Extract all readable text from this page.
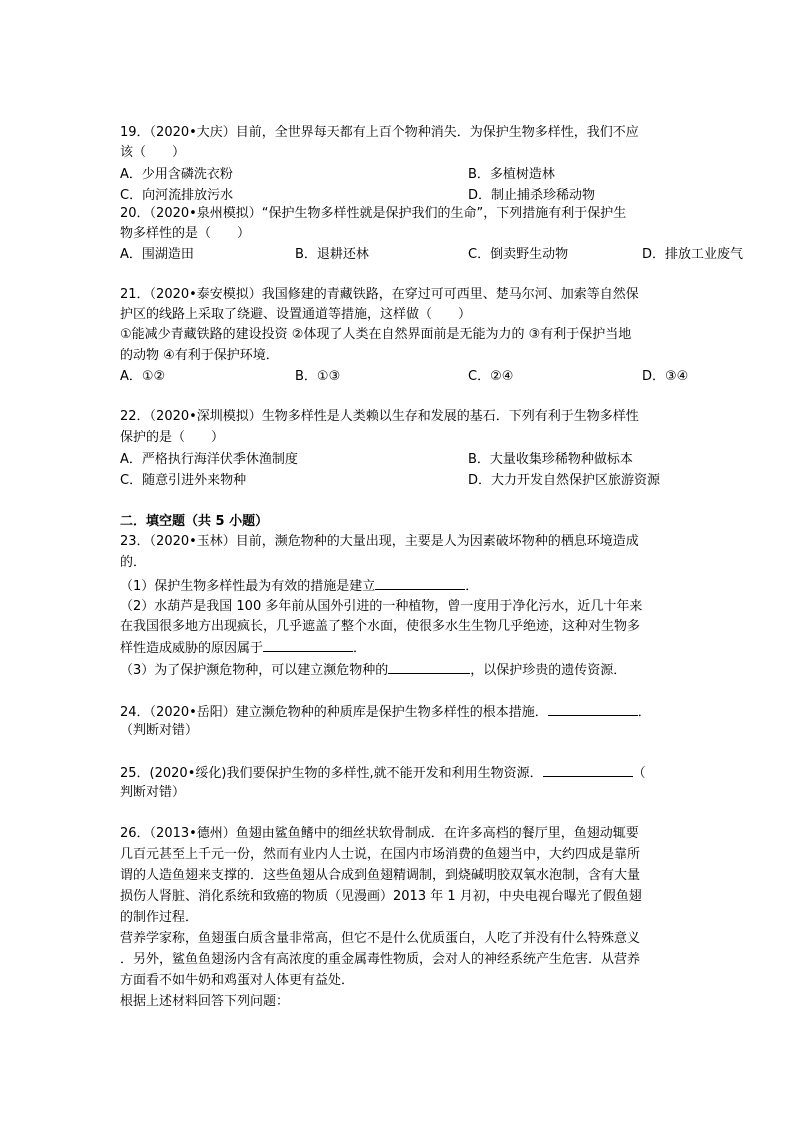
19．（2020•大庆）目前，全世界每天都有上百个物种消失．为保护生物多样性，我们不应
该（　　）
A．少用含磷洗衣粉	B．多植树造林
C．向河流排放污水	D．制止捕杀珍稀动物
20．（2020•泉州模拟）“保护生物多样性就是保护我们的生命”，下列措施有利于保护生
物多样性的是（　　）
A．围湖造田	B．退耕还林	C．倒卖野生动物	D．排放工业废气
21．（2020•泰安模拟）我国修建的青藏铁路，在穿过可可西里、楚马尔河、加索等自然保
护区的线路上采取了绕避、设置通道等措施，这样做（　　）
①能减少青藏铁路的建设投资 ②体现了人类在自然界面前是无能为力的 ③有利于保护当地
的动物 ④有利于保护环境．
A．①②	B．①③	C．②④	D．③④
22．（2020•深圳模拟）生物多样性是人类赖以生存和发展的基石．下列有利于生物多样性
保护的是（　　）
A．严格执行海洋伏季休渔制度	B．大量收集珍稀物种做标本
C．随意引进外来物种	D．大力开发自然保护区旅游资源
二．填空题（共 5 小题）
23．（2020•玉林）目前，濒危物种的大量出现，主要是人为因素破坏物种的栖息环境造成
的．
（1）保护生物多样性最为有效的措施是建立	．
（2）水葫芦是我国 100 多年前从国外引进的一种植物，曾一度用于净化污水，近几十年来
在我国很多地方出现疯长，几乎遮盖了整个水面，使很多水生生物几乎绝迹，这种对生物多
样性造成威胁的原因属于	．
（3）为了保护濒危物种，可以建立濒危物种的	，以保护珍贵的遗传资源．
24．（2020•岳阳）建立濒危物种的种质库是保护生物多样性的根本措施．	．
（判断对错）
25．(2020•绥化)我们要保护生物的多样性,就不能开发和利用生物资源．	（
判断对错）
26．（2013•德州）鱼翅由鲨鱼鳍中的细丝状软骨制成．在许多高档的餐厅里，鱼翅动辄要
几百元甚至上千元一份，然而有业内人士说，在国内市场消费的鱼翅当中，大约四成是靠所
谓的人造鱼翅来支撑的．这些鱼翅从合成到鱼翅精调制，到烧碱明胶双氧水泡制，含有大量
损伤人肾脏、消化系统和致癌的物质（见漫画）2013 年 1 月初，中央电视台曝光了假鱼翅
的制作过程．
营养学家称，鱼翅蛋白质含量非常高，但它不是什么优质蛋白，人吃了并没有什么特殊意义
．另外，鲨鱼鱼翅汤内含有高浓度的重金属毒性物质，会对人的神经系统产生危害．从营养
方面看不如牛奶和鸡蛋对人体更有益处．
根据上述材料回答下列问题：
